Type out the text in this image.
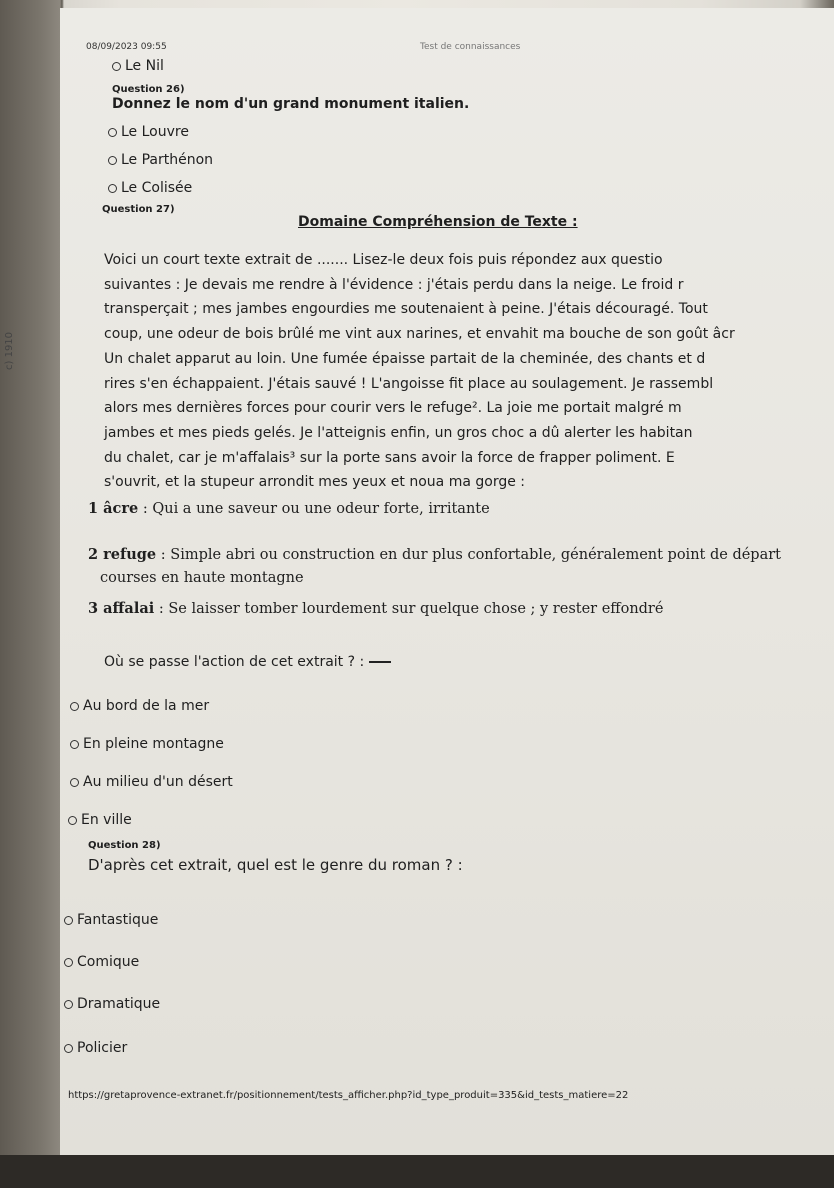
08/09/2023 09:55	Test de connaissances
Le Nil
Question 26)
Donnez le nom d'un grand monument italien.
Le Louvre
Le Parthénon
Le Colisée
Question 27)
Domaine Compréhension de Texte :
Voici un court texte extrait de ....... Lisez-le deux fois puis répondez aux questio
suivantes : Je devais me rendre à l'évidence : j'étais perdu dans la neige. Le froid r
transperçait ; mes jambes engourdies me soutenaient à peine. J'étais découragé. Tout
coup, une odeur de bois brûlé me vint aux narines, et envahit ma bouche de son goût âcr
Un chalet apparut au loin. Une fumée épaisse partait de la cheminée, des chants et d
rires s'en échappaient. J'étais sauvé ! L'angoisse fit place au soulagement. Je rassembl
alors mes dernières forces pour courir vers le refuge². La joie me portait malgré m
jambes et mes pieds gelés. Je l'atteignis enfin, un gros choc a dû alerter les habitan
du chalet, car je m'affalais³ sur la porte sans avoir la force de frapper poliment. E
s'ouvrit, et la stupeur arrondit mes yeux et noua ma gorge :
1 âcre : Qui a une saveur ou une odeur forte, irritante
2 refuge : Simple abri ou construction en dur plus confortable, généralement point de départ
courses en haute montagne
3 affalai : Se laisser tomber lourdement sur quelque chose ; y rester effondré
Où se passe l'action de cet extrait ? :
Au bord de la mer
En pleine montagne
Au milieu d'un désert
En ville
Question 28)
D'après cet extrait, quel est le genre du roman ? :
Fantastique
Comique
Dramatique
Policier
https://gretaprovence-extranet.fr/positionnement/tests_afficher.php?id_type_produit=335&id_tests_matiere=22
c) 1910
